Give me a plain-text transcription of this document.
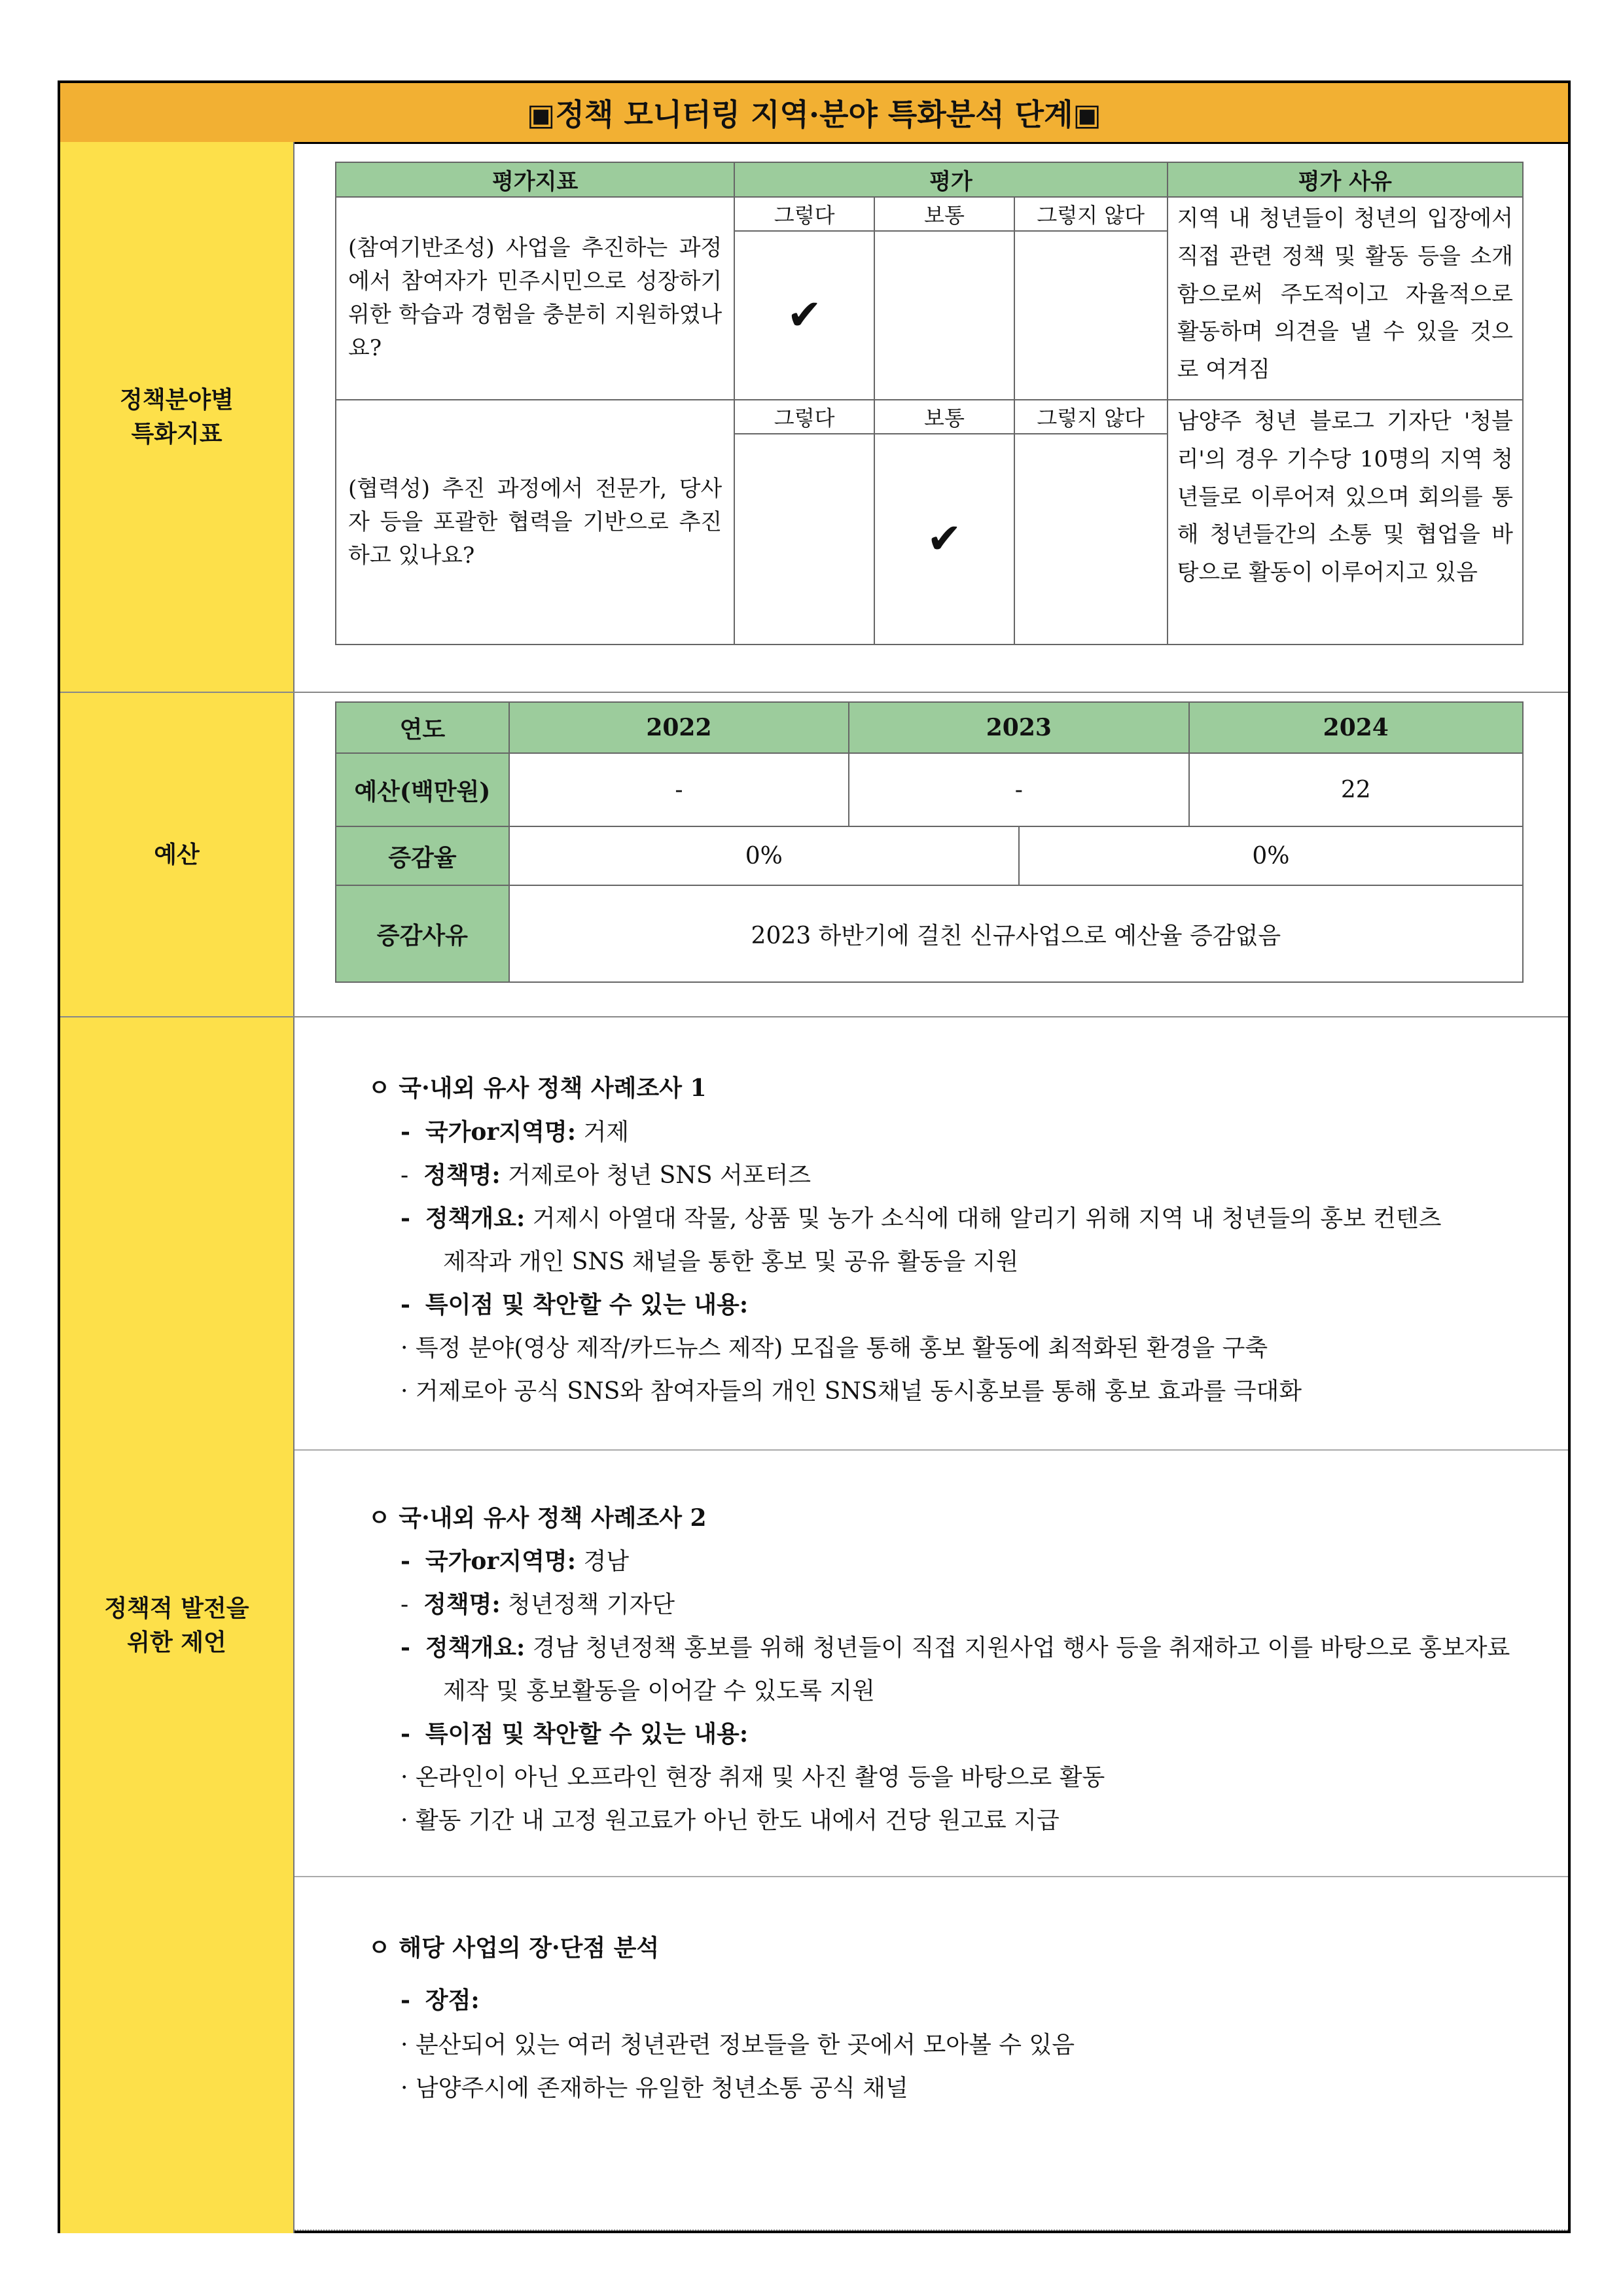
▣정책 모니터링 지역·분야 특화분석 단계▣
정책분야별
특화지표
평가지표	평가			평가 사유
(참여기반조성) 사업을 추진하는 과정에서 참여자가 민주시민으로 성장하기 위한 학습과 경험을 충분히 지원하였나요?	그렇다	보통	그렇지 않다	지역 내 청년들이 청년의 입장에서 직접 관련 정책 및 활동 등을 소개함으로써 주도적이고 자율적으로 활동하며 의견을 낼 수 있을 것으로 여겨짐
	✔			
(협력성) 추진 과정에서 전문가, 당사자 등을 포괄한 협력을 기반으로 추진하고 있나요?	그렇다	보통	그렇지 않다	남양주 청년 블로그 기자단 '청블리'의 경우 기수당 10명의 지역 청년들로 이루어져 있으며 회의를 통해 청년들간의 소통 및 협업을 바탕으로 활동이 이루어지고 있음
		✔		
예산
연도	2022	2023		2024
예산(백만원)	-	-		22
증감율	0%		0%	
증감사유	2023 하반기에 걸친 신규사업으로 예산율 증감없음			
정책적 발전을
위한 제언
ㅇ 국·내외 유사 정책 사례조사 1
- 국가or지역명: 거제
- 정책명: 거제로아 청년 SNS 서포터즈
- 정책개요: 거제시 아열대 작물, 상품 및 농가 소식에 대해 알리기 위해 지역 내 청년들의 홍보 컨텐츠
제작과 개인 SNS 채널을 통한 홍보 및 공유 활동을 지원
- 특이점 및 착안할 수 있는 내용:
· 특정 분야(영상 제작/카드뉴스 제작) 모집을 통해 홍보 활동에 최적화된 환경을 구축
· 거제로아 공식 SNS와 참여자들의 개인 SNS채널 동시홍보를 통해 홍보 효과를 극대화
ㅇ 국·내외 유사 정책 사례조사 2
- 국가or지역명: 경남
- 정책명: 청년정책 기자단
- 정책개요: 경남 청년정책 홍보를 위해 청년들이 직접 지원사업 행사 등을 취재하고 이를 바탕으로 홍보자료
제작 및 홍보활동을 이어갈 수 있도록 지원
- 특이점 및 착안할 수 있는 내용:
· 온라인이 아닌 오프라인 현장 취재 및 사진 촬영 등을 바탕으로 활동
· 활동 기간 내 고정 원고료가 아닌 한도 내에서 건당 원고료 지급
ㅇ 해당 사업의 장·단점 분석
- 장점:
· 분산되어 있는 여러 청년관련 정보들을 한 곳에서 모아볼 수 있음
· 남양주시에 존재하는 유일한 청년소통 공식 채널
